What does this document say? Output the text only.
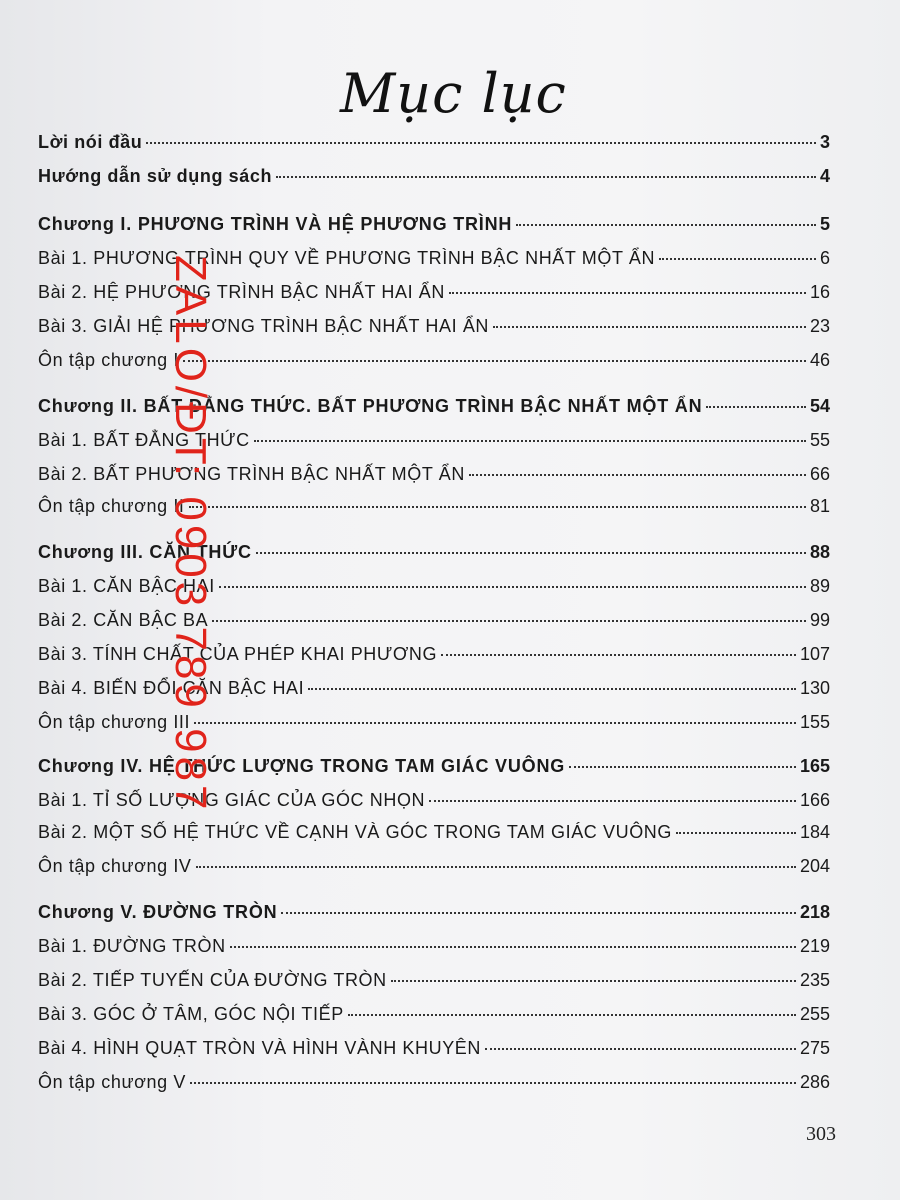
Mục lục
Lời nói đầu	3
Hướng dẫn sử dụng sách	4
Chương I. PHƯƠNG TRÌNH VÀ HỆ PHƯƠNG TRÌNH	5
Bài 1. PHƯƠNG TRÌNH QUY VỀ PHƯƠNG TRÌNH BẬC NHẤT MỘT ẨN	6
Bài 2. HỆ PHƯƠNG TRÌNH BẬC NHẤT HAI ẨN	16
Bài 3. GIẢI HỆ PHƯƠNG TRÌNH BẬC NHẤT HAI ẨN	23
Ôn tập chương I	46
Chương II. BẤT ĐẲNG THỨC. BẤT PHƯƠNG TRÌNH BẬC NHẤT MỘT ẨN	54
Bài 1. BẤT ĐẲNG THỨC	55
Bài 2. BẤT PHƯƠNG TRÌNH BẬC NHẤT MỘT ẨN	66
Ôn tập chương II	81
Chương III. CĂN THỨC	88
Bài 1. CĂN BẬC HAI	89
Bài 2. CĂN BẬC BA	99
Bài 3. TÍNH CHẤT CỦA PHÉP KHAI PHƯƠNG	107
Bài 4. BIẾN ĐỔI CĂN BẬC HAI	130
Ôn tập chương III	155
Chương IV. HỆ THỨC LƯỢNG TRONG TAM GIÁC VUÔNG	165
Bài 1. TỈ SỐ LƯỢNG GIÁC CỦA GÓC NHỌN	166
Bài 2. MỘT SỐ HỆ THỨC VỀ CẠNH VÀ GÓC TRONG TAM GIÁC VUÔNG	184
Ôn tập chương IV	204
Chương V. ĐƯỜNG TRÒN	218
Bài 1. ĐƯỜNG TRÒN	219
Bài 2. TIẾP TUYẾN CỦA ĐƯỜNG TRÒN	235
Bài 3. GÓC Ở TÂM, GÓC NỘI TIẾP	255
Bài 4. HÌNH QUẠT TRÒN VÀ HÌNH VÀNH KHUYÊN	275
Ôn tập chương V	286
303
ZALO/ĐT: 0903 789 987
